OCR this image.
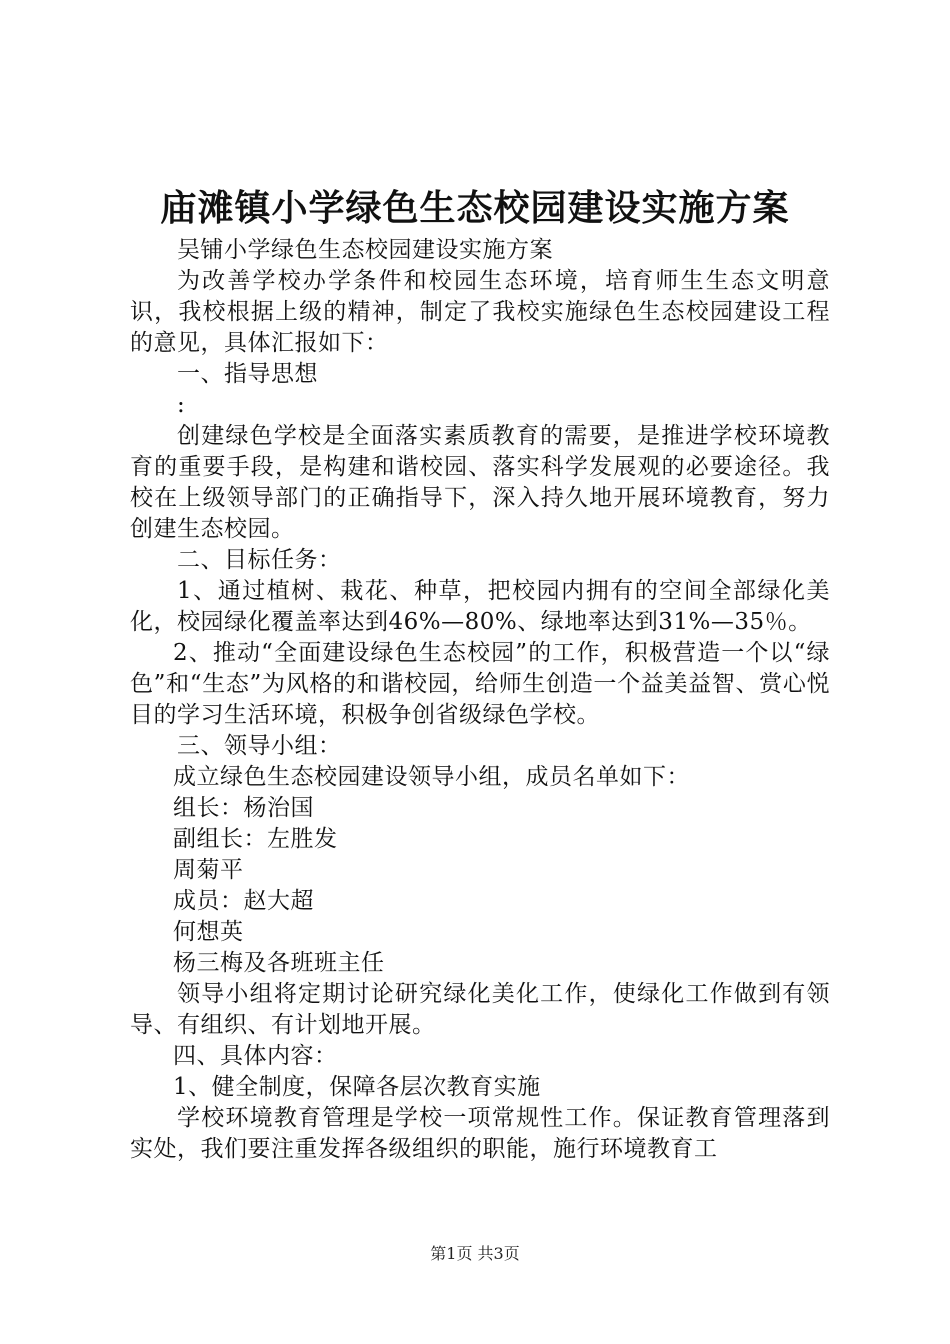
庙滩镇小学绿色生态校园建设实施方案

吴铺小学绿色生态校园建设实施方案

为改善学校办学条件和校园生态环境，培育师生生态文明意识，我校根据上级的精神，制定了我校实施绿色生态校园建设工程的意见，具体汇报如下：

一、指导思想

:

创建绿色学校是全面落实素质教育的需要，是推进学校环境教育的重要手段，是构建和谐校园、落实科学发展观的必要途径。我校在上级领导部门的正确指导下，深入持久地开展环境教育，努力创建生态校园。

二、目标任务：

1、通过植树、栽花、种草，把校园内拥有的空间全部绿化美化，校园绿化覆盖率达到46%—80%、绿地率达到31%—35％。

2、推动“全面建设绿色生态校园”的工作，积极营造一个以“绿色”和“生态”为风格的和谐校园，给师生创造一个益美益智、赏心悦目的学习生活环境，积极争创省级绿色学校。

三、领导小组：

成立绿色生态校园建设领导小组，成员名单如下：

组长：杨治国

副组长：左胜发

周菊平

成员：赵大超

何想英

杨三梅及各班班主任

领导小组将定期讨论研究绿化美化工作，使绿化工作做到有领导、有组织、有计划地开展。

四、具体内容：

1、健全制度，保障各层次教育实施

学校环境教育管理是学校一项常规性工作。保证教育管理落到实处，我们要注重发挥各级组织的职能，施行环境教育工

第1页 共3页
